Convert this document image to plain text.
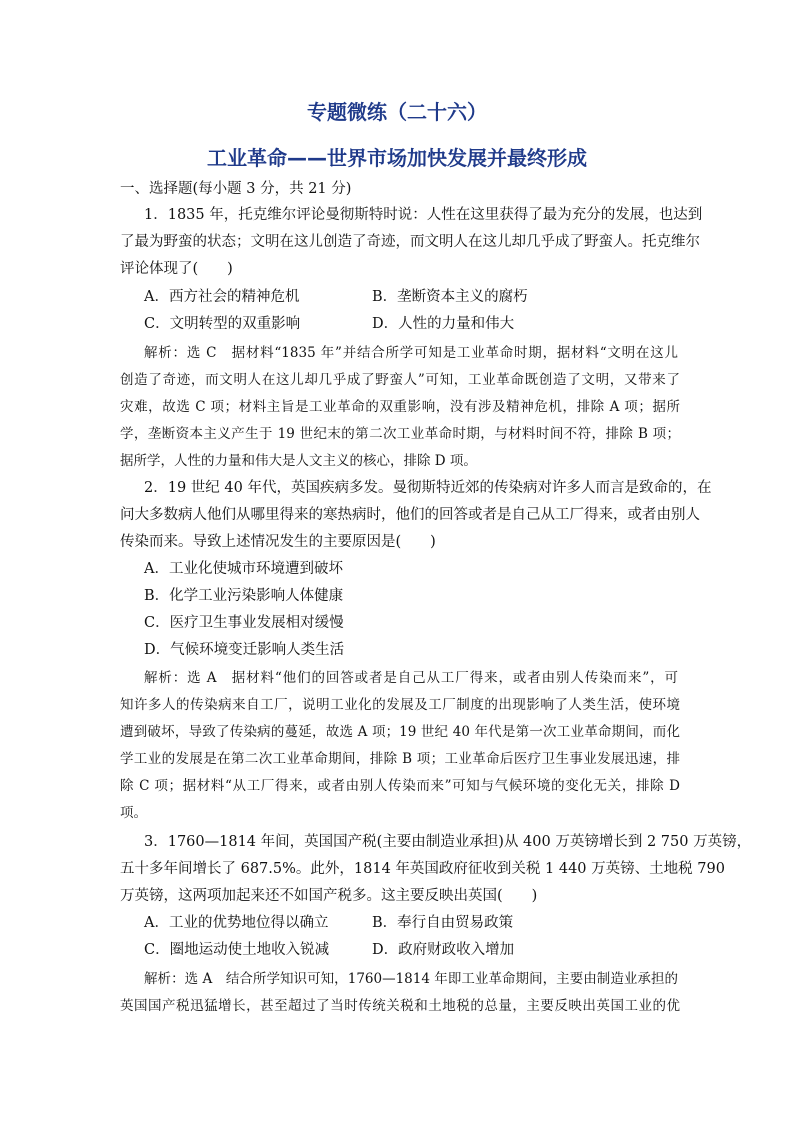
专题微练（二十六）
工业革命——世界市场加快发展并最终形成
一、选择题(每小题 3 分，共 21 分)
1．1835 年，托克维尔评论曼彻斯特时说：人性在这里获得了最为充分的发展，也达到
了最为野蛮的状态；文明在这儿创造了奇迹，而文明人在这儿却几乎成了野蛮人。托克维尔
评论体现了(　　)
A．西方社会的精神危机	B．垄断资本主义的腐朽
C．文明转型的双重影响	D．人性的力量和伟大
解析：选 C　据材料“1835 年”并结合所学可知是工业革命时期，据材料“文明在这儿
创造了奇迹，而文明人在这儿却几乎成了野蛮人”可知，工业革命既创造了文明，又带来了
灾难，故选 C 项；材料主旨是工业革命的双重影响，没有涉及精神危机，排除 A 项；据所
学，垄断资本主义产生于 19 世纪末的第二次工业革命时期，与材料时间不符，排除 B 项；
据所学，人性的力量和伟大是人文主义的核心，排除 D 项。
2．19 世纪 40 年代，英国疾病多发。曼彻斯特近郊的传染病对许多人而言是致命的，在
问大多数病人他们从哪里得来的寒热病时，他们的回答或者是自己从工厂得来，或者由别人
传染而来。导致上述情况发生的主要原因是(　　)
A．工业化使城市环境遭到破坏
B．化学工业污染影响人体健康
C．医疗卫生事业发展相对缓慢
D．气候环境变迁影响人类生活
解析：选 A　据材料“他们的回答或者是自己从工厂得来，或者由别人传染而来”，可
知许多人的传染病来自工厂，说明工业化的发展及工厂制度的出现影响了人类生活，使环境
遭到破坏，导致了传染病的蔓延，故选 A 项；19 世纪 40 年代是第一次工业革命期间，而化
学工业的发展是在第二次工业革命期间，排除 B 项；工业革命后医疗卫生事业发展迅速，排
除 C 项；据材料“从工厂得来，或者由别人传染而来”可知与气候环境的变化无关，排除 D
项。
3．1760—1814 年间，英国国产税(主要由制造业承担)从 400 万英镑增长到 2 750 万英镑，
五十多年间增长了 687.5%。此外，1814 年英国政府征收到关税 1 440 万英镑、土地税 790
万英镑，这两项加起来还不如国产税多。这主要反映出英国(　　)
A．工业的优势地位得以确立	B．奉行自由贸易政策
C．圈地运动使土地收入锐减	D．政府财政收入增加
解析：选 A　结合所学知识可知，1760—1814 年即工业革命期间，主要由制造业承担的
英国国产税迅猛增长，甚至超过了当时传统关税和土地税的总量，主要反映出英国工业的优
